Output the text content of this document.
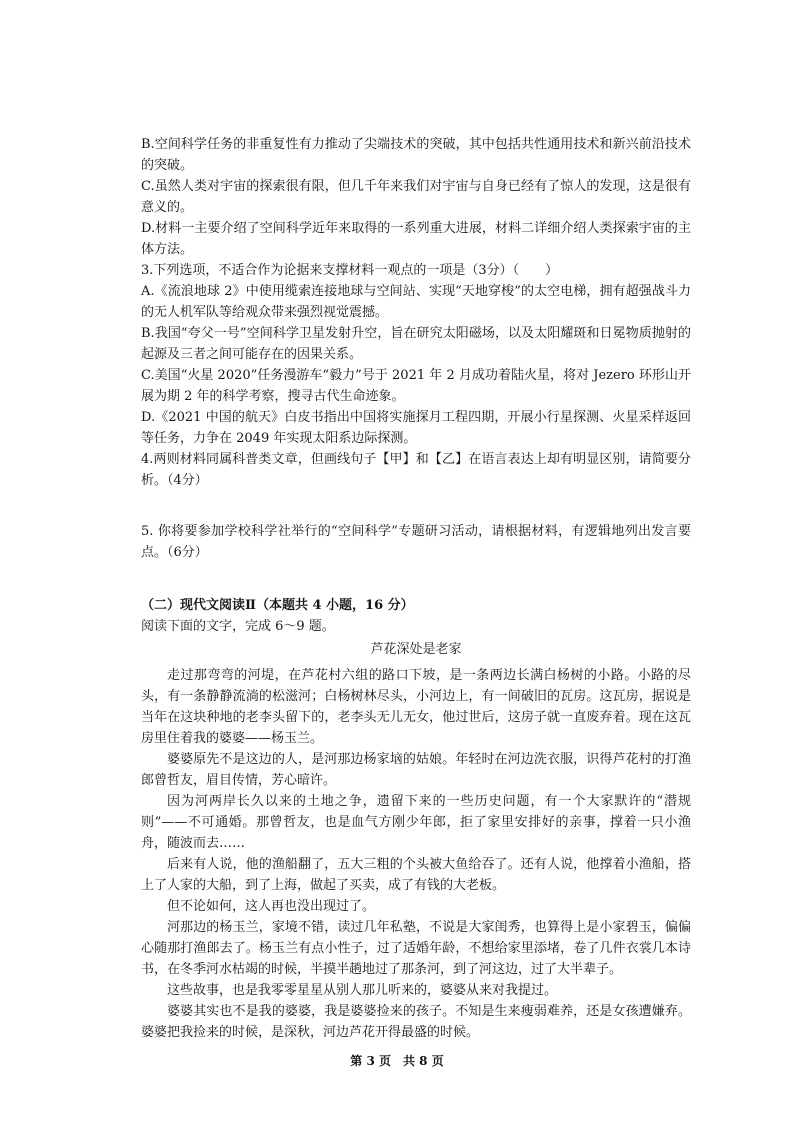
B.空间科学任务的非重复性有力推动了尖端技术的突破，其中包括共性通用技术和新兴前沿技术的突破。

C.虽然人类对宇宙的探索很有限，但几千年来我们对宇宙与自身已经有了惊人的发现，这是很有意义的。

D.材料一主要介绍了空间科学近年来取得的一系列重大进展，材料二详细介绍人类探索宇宙的主体方法。

3.下列选项，不适合作为论据来支撑材料一观点的一项是（3分）（　　）

A.《流浪地球 2》中使用缆索连接地球与空间站、实现“天地穿梭”的太空电梯，拥有超强战斗力的无人机军队等给观众带来强烈视觉震撼。

B.我国“夸父一号”空间科学卫星发射升空，旨在研究太阳磁场，以及太阳耀斑和日冕物质抛射的起源及三者之间可能存在的因果关系。

C.美国“火星 2020”任务漫游车“毅力”号于 2021 年 2 月成功着陆火星，将对 Jezero 环形山开展为期 2 年的科学考察，搜寻古代生命迹象。

D.《2021 中国的航天》白皮书指出中国将实施探月工程四期，开展小行星探测、火星采样返回等任务，力争在 2049 年实现太阳系边际探测。

4.两则材料同属科普类文章，但画线句子【甲】和【乙】在语言表达上却有明显区别，请简要分析。（4分）

5. 你将要参加学校科学社举行的“空间科学”专题研习活动，请根据材料，有逻辑地列出发言要点。（6分）

（二）现代文阅读Ⅱ（本题共 4 小题，16 分）

阅读下面的文字，完成 6～9 题。

芦花深处是老家

走过那弯弯的河堤，在芦花村六组的路口下坡，是一条两边长满白杨树的小路。小路的尽头，有一条静静流淌的松滋河；白杨树林尽头，小河边上，有一间破旧的瓦房。这瓦房，据说是当年在这块种地的老李头留下的，老李头无儿无女，他过世后，这房子就一直废弃着。现在这瓦房里住着我的婆婆——杨玉兰。

婆婆原先不是这边的人，是河那边杨家垴的姑娘。年轻时在河边洗衣服，识得芦花村的打渔郎曾哲友，眉目传情，芳心暗许。

因为河两岸长久以来的土地之争，遗留下来的一些历史问题，有一个大家默许的“潜规则”——不可通婚。那曾哲友，也是血气方刚少年郎，拒了家里安排好的亲事，撑着一只小渔舟，随波而去……

后来有人说，他的渔船翻了，五大三粗的个头被大鱼给吞了。还有人说，他撑着小渔船，搭上了人家的大船，到了上海，做起了买卖，成了有钱的大老板。

但不论如何，这人再也没出现过了。

河那边的杨玉兰，家境不错，读过几年私塾，不说是大家闺秀，也算得上是小家碧玉，偏偏心随那打渔郎去了。杨玉兰有点小性子，过了适婚年龄，不想给家里添堵，卷了几件衣裳几本诗书，在冬季河水枯竭的时候，半摸半趟地过了那条河，到了河这边，过了大半辈子。

这些故事，也是我零零星星从别人那儿听来的，婆婆从来对我提过。

婆婆其实也不是我的婆婆，我是婆婆捡来的孩子。不知是生来瘦弱难养，还是女孩遭嫌弃。婆婆把我捡来的时候，是深秋，河边芦花开得最盛的时候。

第 3 页　共 8 页
